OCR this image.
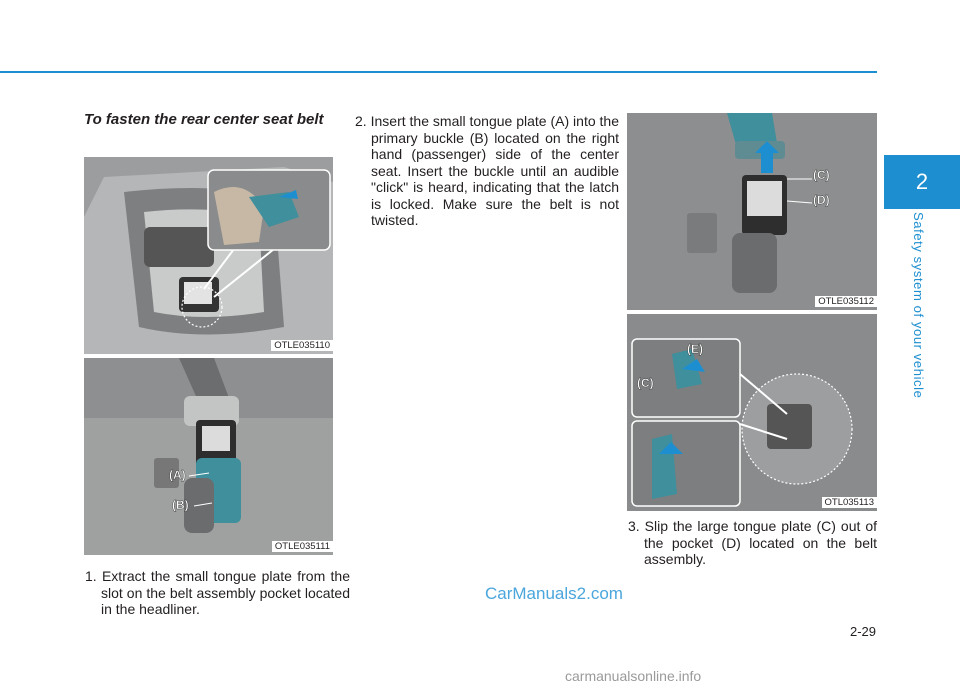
2
Safety system of your vehicle
To fasten the rear center seat belt
OTLE035110
(A)
(B)
OTLE035111
(C)
(D)
OTLE035112
(E)
(C)
OTL035113
1. Extract the small tongue plate from the slot on the belt assembly pocket located in the headliner.
2. Insert the small tongue plate (A) into the primary buckle (B) located on the right hand (passenger) side of the center seat. Insert the buckle until an audible "click" is heard, indicating that the latch is locked. Make sure the belt is not twisted.
3. Slip the large tongue plate (C) out of the pocket (D) located on the belt assembly.
CarManuals2.com
2-29
carmanualsonline.info
